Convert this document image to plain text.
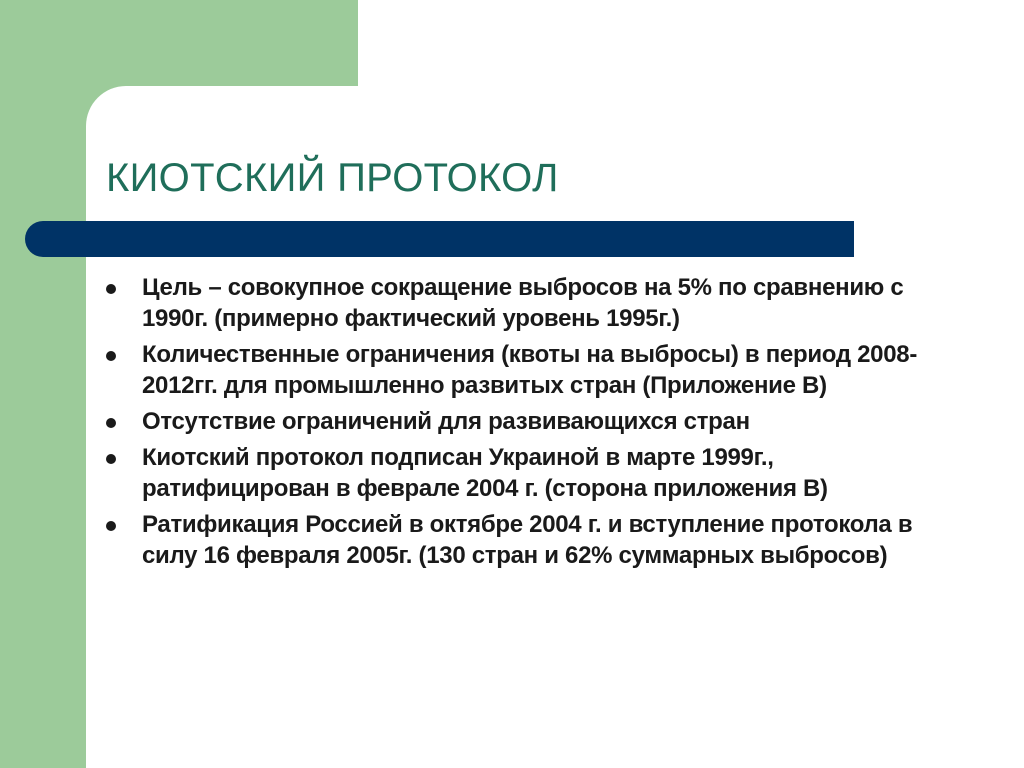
КИОТСКИЙ ПРОТОКОЛ
Цель – совокупное сокращение выбросов на 5% по сравнению с 1990г. (примерно фактический уровень 1995г.)
Количественные ограничения (квоты на выбросы) в период 2008-2012гг. для промышленно развитых стран (Приложение В)
Отсутствие ограничений для развивающихся стран
Киотский протокол подписан Украиной в марте 1999г., ратифицирован в феврале 2004 г. (сторона приложения В)
Ратификация Россией в октябре 2004 г. и вступление протокола в силу 16 февраля 2005г. (130 стран и 62% суммарных выбросов)
